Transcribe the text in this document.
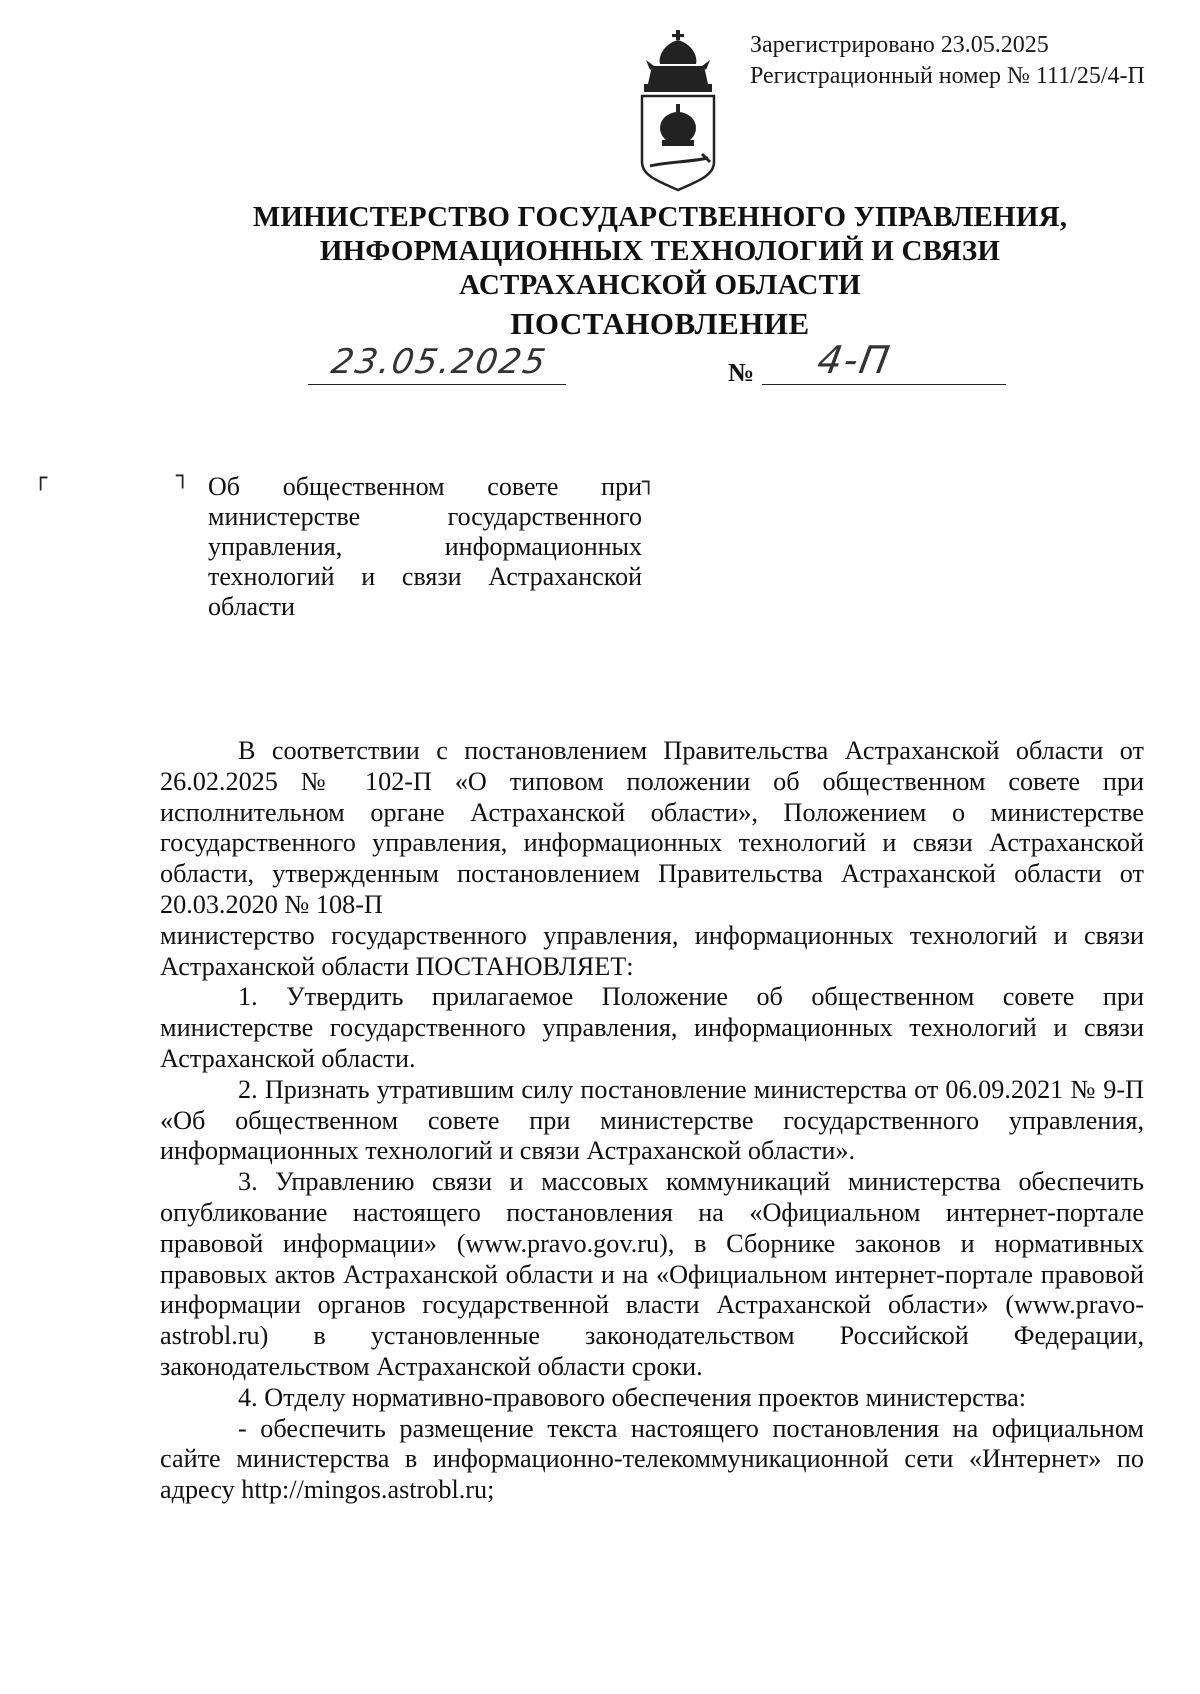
Зарегистрировано 23.05.2025
Регистрационный номер № 111/25/4-П
МИНИСТЕРСТВО ГОСУДАРСТВЕННОГО УПРАВЛЕНИЯ,
ИНФОРМАЦИОННЫХ ТЕХНОЛОГИЙ И СВЯЗИ
АСТРАХАНСКОЙ ОБЛАСТИ
ПОСТАНОВЛЕНИЕ
23.05.2025	№ 4-П
┌	┐	┐
Об общественном совете при министерстве государственного управления, информационных технологий и связи Астраханской области

В соответствии с постановлением Правительства Астраханской области от 26.02.2025 № 102-П «О типовом положении об общественном совете при исполнительном органе Астраханской области», Положением о министерстве государственного управления, информационных технологий и связи Астраханской области, утвержденным постановлением Правительства Астраханской области от 20.03.2020 № 108-П

министерство государственного управления, информационных технологий и связи Астраханской области ПОСТАНОВЛЯЕТ:

1. Утвердить прилагаемое Положение об общественном совете при министерстве государственного управления, информационных технологий и связи Астраханской области.

2. Признать утратившим силу постановление министерства от 06.09.2021 № 9-П «Об общественном совете при министерстве государственного управления, информационных технологий и связи Астраханской области».

3. Управлению связи и массовых коммуникаций министерства обеспечить опубликование настоящего постановления на «Официальном интернет-портале правовой информации» (www.pravo.gov.ru), в Сборнике законов и нормативных правовых актов Астраханской области и на «Официальном интернет-портале правовой информации органов государственной власти Астраханской области» (www.pravo-astrobl.ru) в установленные законодательством Российской Федерации, законодательством Астраханской области сроки.

4. Отделу нормативно-правового обеспечения проектов министерства:

- обеспечить размещение текста настоящего постановления на официальном сайте министерства в информационно-телекоммуникационной сети «Интернет» по адресу http://mingos.astrobl.ru;
